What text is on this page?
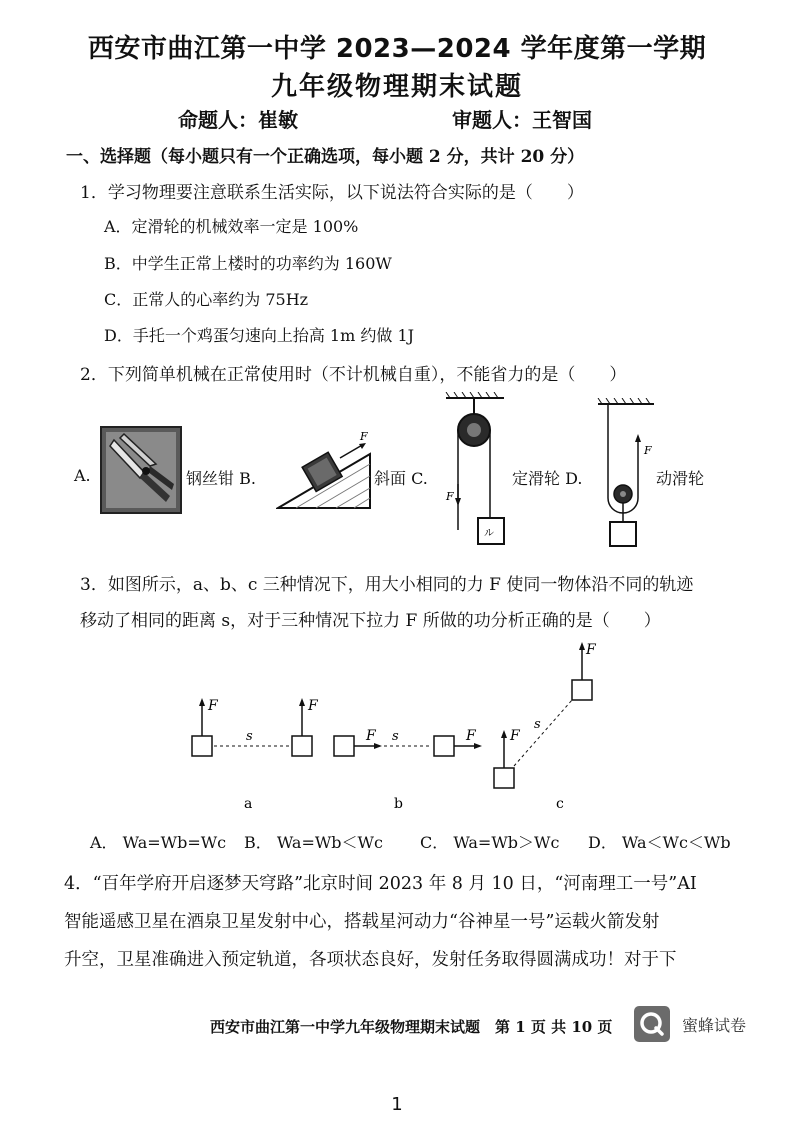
西安市曲江第一中学 2023—2024 学年度第一学期
九年级物理期末试题
命题人：崔敏	审题人：王智国
一、选择题（每小题只有一个正确选项，每小题 2 分，共计 20 分）
1．学习物理要注意联系生活实际，以下说法符合实际的是（　　）
A．定滑轮的机械效率一定是 100%
B．中学生正常上楼时的功率约为 160W
C．正常人的心率约为 75Hz
D．手托一个鸡蛋匀速向上抬高 1m 约做 1J
2．下列简单机械在正常使用时（不计机械自重），不能省力的是（　　）
A.	钢丝钳 B.
F
斜面 C.
F
ル
定滑轮 D.
F
动滑轮
3．如图所示，a、b、c 三种情况下，用大小相同的力 F 使同一物体沿不同的轨迹
移动了相同的距离 s，对于三种情况下拉力 F 所做的功分析正确的是（　　）
F
s
F
a
F s	F
b
F
s
F
c
A． Wa=Wb=Wc B． Wa=Wb＜Wc C． Wa=Wb＞Wc D． Wa＜Wc＜Wb
4．“百年学府开启逐梦天穹路”北京时间 2023 年 8 月 10 日，“河南理工一号”AI
智能遥感卫星在酒泉卫星发射中心，搭载星河动力“谷神星一号”运载火箭发射
升空，卫星准确进入预定轨道，各项状态良好，发射任务取得圆满成功！对于下
西安市曲江第一中学九年级物理期末试题　第 1 页 共 10 页	蜜蜂试卷
1
